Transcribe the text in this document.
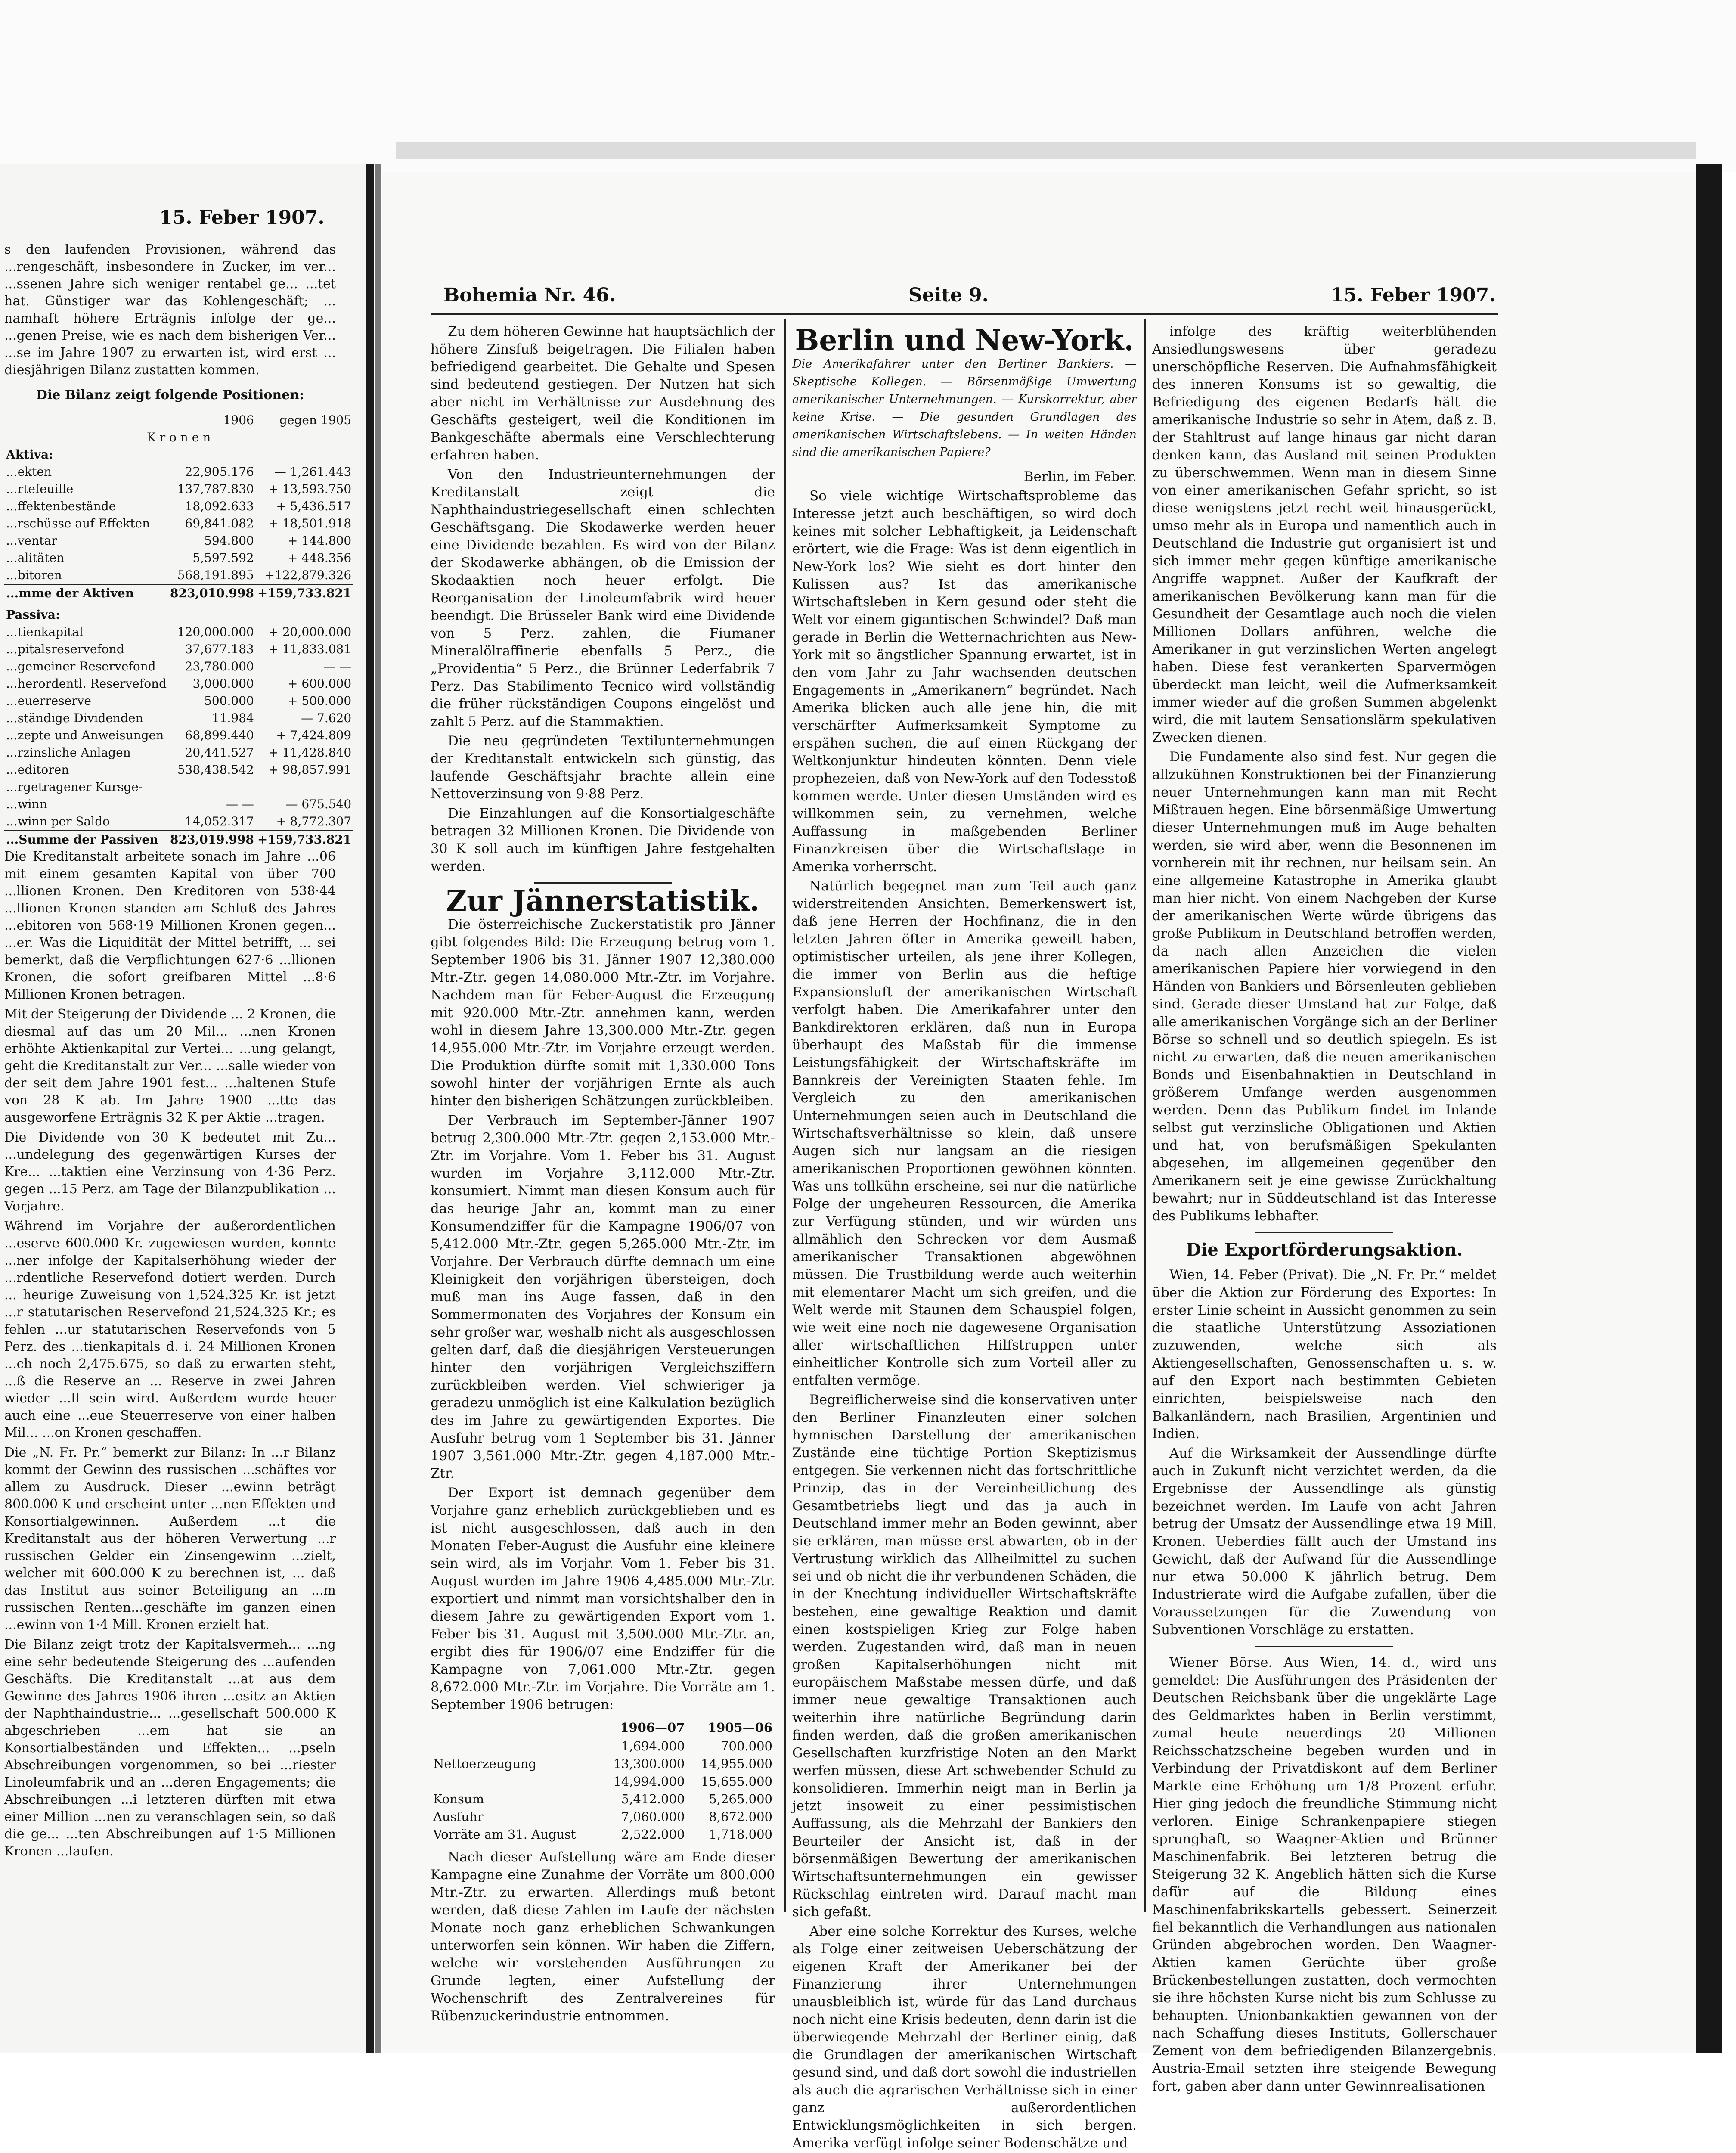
15. Feber 1907.

s den laufenden Provisionen, während das ...rengeschäft, insbesondere in Zucker, im ver... ...ssenen Jahre sich weniger rentabel ge... ...tet hat. Günstiger war das Kohlengeschäft; ... namhaft höhere Erträgnis infolge der ge... ...genen Preise, wie es nach dem bisherigen Ver... ...se im Jahre 1907 zu erwarten ist, wird erst ... diesjährigen Bilanz zustatten kommen.

Die Bilanz zeigt folgende Positionen:

	1906	gegen 1905
K r o n e n		
Aktiva:		
...ekten	22,905.176	— 1,261.443
...rtefeuille	137,787.830	+ 13,593.750
...ffektenbestände	18,092.633	+ 5,436.517
...rschüsse auf Effekten	69,841.082	+ 18,501.918
...ventar	594.800	+ 144.800
...alitäten	5,597.592	+ 448.356
...bitoren	568,191.895	+122,879.326
...mme der Aktiven	823,010.998	+159,733.821
Passiva:		
...tienkapital	120,000.000	+ 20,000.000
...pitalsreservefond	37,677.183	+ 11,833.081
...gemeiner Reservefond	23,780.000	— —
...herordentl. Reservefond	3,000.000	+ 600.000
...euerreserve	500.000	+ 500.000
...ständige Dividenden	11.984	— 7.620
...zepte und Anweisungen	68,899.440	+ 7,424.809
...rzinsliche Anlagen	20,441.527	+ 11,428.840
...editoren	538,438.542	+ 98,857.991
...rgetragener Kursge-		
...winn	— —	— 675.540
...winn per Saldo	14,052.317	+ 8,772.307
...Summe der Passiven	823,019.998	+159,733.821

Die Kreditanstalt arbeitete sonach im Jahre ...06 mit einem gesamten Kapital von über 700 ...llionen Kronen. Den Kreditoren von 538·44 ...llionen Kronen standen am Schluß des Jahres ...ebitoren von 568·19 Millionen Kronen gegen... ...er. Was die Liquidität der Mittel betrifft, ... sei bemerkt, daß die Verpflichtungen 627·6 ...llionen Kronen, die sofort greifbaren Mittel ...8·6 Millionen Kronen betragen.

Mit der Steigerung der Dividende ... 2 Kronen, die diesmal auf das um 20 Mil... ...nen Kronen erhöhte Aktienkapital zur Vertei... ...ung gelangt, geht die Kreditanstalt zur Ver... ...salle wieder von der seit dem Jahre 1901 fest... ...haltenen Stufe von 28 K ab. Im Jahre 1900 ...tte das ausgeworfene Erträgnis 32 K per Aktie ...tragen.

Die Dividende von 30 K bedeutet mit Zu... ...undelegung des gegenwärtigen Kurses der Kre... ...taktien eine Verzinsung von 4·36 Perz. gegen ...15 Perz. am Tage der Bilanzpublikation ... Vorjahre.

Während im Vorjahre der außerordentlichen ...eserve 600.000 Kr. zugewiesen wurden, konnte ...ner infolge der Kapitalserhöhung wieder der ...rdentliche Reservefond dotiert werden. Durch ... heurige Zuweisung von 1,524.325 Kr. ist jetzt ...r statutarischen Reservefond 21,524.325 Kr.; es fehlen ...ur statutarischen Reservefonds von 5 Perz. des ...tienkapitals d. i. 24 Millionen Kronen ...ch noch 2,475.675, so daß zu erwarten steht, ...ß die Reserve an ... Reserve in zwei Jahren wieder ...ll sein wird. Außerdem wurde heuer auch eine ...eue Steuerreserve von einer halben Mil... ...on Kronen geschaffen.

Die „N. Fr. Pr.“ bemerkt zur Bilanz: In ...r Bilanz kommt der Gewinn des russischen ...schäftes vor allem zu Ausdruck. Dieser ...ewinn beträgt 800.000 K und erscheint unter ...nen Effekten und Konsortialgewinnen. Außerdem ...t die Kreditanstalt aus der höheren Verwertung ...r russischen Gelder ein Zinsengewinn ...zielt, welcher mit 600.000 K zu berechnen ist, ... daß das Institut aus seiner Beteiligung an ...m russischen Renten...geschäfte im ganzen einen ...ewinn von 1·4 Mill. Kronen erzielt hat.

Die Bilanz zeigt trotz der Kapitalsvermeh... ...ng eine sehr bedeutende Steigerung des ...aufenden Geschäfts. Die Kreditanstalt ...at aus dem Gewinne des Jahres 1906 ihren ...esitz an Aktien der Naphthaindustrie... ...gesellschaft 500.000 K abgeschrieben ...em hat sie an Konsortialbeständen und Effekten... ...pseln Abschreibungen vorgenommen, so bei ...riester Linoleumfabrik und an ...deren Engagements; die Abschreibungen ...i letzteren dürften mit etwa einer Million ...nen zu veranschlagen sein, so daß die ge... ...ten Abschreibungen auf 1·5 Millionen Kronen ...laufen.

Bohemia Nr. 46.	Seite 9.	15. Feber 1907.

Zu dem höheren Gewinne hat hauptsächlich der höhere Zinsfuß beigetragen. Die Filialen haben befriedigend gearbeitet. Die Gehalte und Spesen sind bedeutend gestiegen. Der Nutzen hat sich aber nicht im Verhältnisse zur Ausdehnung des Geschäfts gesteigert, weil die Konditionen im Bankgeschäfte abermals eine Verschlechterung erfahren haben.

Von den Industrieunternehmungen der Kreditanstalt zeigt die Naphthaindustriegesellschaft einen schlechten Geschäftsgang. Die Skodawerke werden heuer eine Dividende bezahlen. Es wird von der Bilanz der Skodawerke abhängen, ob die Emission der Skodaaktien noch heuer erfolgt. Die Reorganisation der Linoleumfabrik wird heuer beendigt. Die Brüsseler Bank wird eine Dividende von 5 Perz. zahlen, die Fiumaner Mineralölraffinerie ebenfalls 5 Perz., die „Providentia“ 5 Perz., die Brünner Lederfabrik 7 Perz. Das Stabilimento Tecnico wird vollständig die früher rückständigen Coupons eingelöst und zahlt 5 Perz. auf die Stammaktien.

Die neu gegründeten Textilunternehmungen der Kreditanstalt entwickeln sich günstig, das laufende Geschäftsjahr brachte allein eine Nettoverzinsung von 9·88 Perz.

Die Einzahlungen auf die Konsortialgeschäfte betragen 32 Millionen Kronen. Die Dividende von 30 K soll auch im künftigen Jahre festgehalten werden.

Zur Jännerstatistik.

Die österreichische Zuckerstatistik pro Jänner gibt folgendes Bild: Die Erzeugung betrug vom 1. September 1906 bis 31. Jänner 1907 12,380.000 Mtr.-Ztr. gegen 14,080.000 Mtr.-Ztr. im Vorjahre. Nachdem man für Feber-August die Erzeugung mit 920.000 Mtr.-Ztr. annehmen kann, werden wohl in diesem Jahre 13,300.000 Mtr.-Ztr. gegen 14,955.000 Mtr.-Ztr. im Vorjahre erzeugt werden. Die Produktion dürfte somit mit 1,330.000 Tons sowohl hinter der vorjährigen Ernte als auch hinter den bisherigen Schätzungen zurückbleiben.

Der Verbrauch im September-Jänner 1907 betrug 2,300.000 Mtr.-Ztr. gegen 2,153.000 Mtr.-Ztr. im Vorjahre. Vom 1. Feber bis 31. August wurden im Vorjahre 3,112.000 Mtr.-Ztr. konsumiert. Nimmt man diesen Konsum auch für das heurige Jahr an, kommt man zu einer Konsumendziffer für die Kampagne 1906/07 von 5,412.000 Mtr.-Ztr. gegen 5,265.000 Mtr.-Ztr. im Vorjahre. Der Verbrauch dürfte demnach um eine Kleinigkeit den vorjährigen übersteigen, doch muß man ins Auge fassen, daß in den Sommermonaten des Vorjahres der Konsum ein sehr großer war, weshalb nicht als ausgeschlossen gelten darf, daß die diesjährigen Versteuerungen hinter den vorjährigen Vergleichsziffern zurückbleiben werden. Viel schwieriger ja geradezu unmöglich ist eine Kalkulation bezüglich des im Jahre zu gewärtigenden Exportes. Die Ausfuhr betrug vom 1 September bis 31. Jänner 1907 3,561.000 Mtr.-Ztr. gegen 4,187.000 Mtr.-Ztr.

Der Export ist demnach gegenüber dem Vorjahre ganz erheblich zurückgeblieben und es ist nicht ausgeschlossen, daß auch in den Monaten Feber-August die Ausfuhr eine kleinere sein wird, als im Vorjahr. Vom 1. Feber bis 31. August wurden im Jahre 1906 4,485.000 Mtr.-Ztr. exportiert und nimmt man vorsichtshalber den in diesem Jahre zu gewärtigenden Export vom 1. Feber bis 31. August mit 3,500.000 Mtr.-Ztr. an, ergibt dies für 1906/07 eine Endziffer für die Kampagne von 7,061.000 Mtr.-Ztr. gegen 8,672.000 Mtr.-Ztr. im Vorjahre. Die Vorräte am 1. September 1906 betrugen:

	1906—07	1905—06
	1,694.000	700.000
Nettoerzeugung	13,300.000	14,955.000
	14,994.000	15,655.000
Konsum	5,412.000	5,265.000
Ausfuhr	7,060.000	8,672.000
Vorräte am 31. August	2,522.000	1,718.000

Nach dieser Aufstellung wäre am Ende dieser Kampagne eine Zunahme der Vorräte um 800.000 Mtr.-Ztr. zu erwarten. Allerdings muß betont werden, daß diese Zahlen im Laufe der nächsten Monate noch ganz erheblichen Schwankungen unterworfen sein können. Wir haben die Ziffern, welche wir vorstehenden Ausführungen zu Grunde legten, einer Aufstellung der Wochenschrift des Zentralvereines für Rübenzuckerindustrie entnommen.

Berlin und New-York.

Die Amerikafahrer unter den Berliner Bankiers. — Skeptische Kollegen. — Börsenmäßige Umwertung amerikanischer Unternehmungen. — Kurskorrektur, aber keine Krise. — Die gesunden Grundlagen des amerikanischen Wirtschaftslebens. — In weiten Händen sind die amerikanischen Papiere?

Berlin, im Feber.

So viele wichtige Wirtschaftsprobleme das Interesse jetzt auch beschäftigen, so wird doch keines mit solcher Lebhaftigkeit, ja Leidenschaft erörtert, wie die Frage: Was ist denn eigentlich in New-York los? Wie sieht es dort hinter den Kulissen aus? Ist das amerikanische Wirtschaftsleben in Kern gesund oder steht die Welt vor einem gigantischen Schwindel? Daß man gerade in Berlin die Wetternachrichten aus New-York mit so ängstlicher Spannung erwartet, ist in den vom Jahr zu Jahr wachsenden deutschen Engagements in „Amerikanern“ begründet. Nach Amerika blicken auch alle jene hin, die mit verschärfter Aufmerksamkeit Symptome zu erspähen suchen, die auf einen Rückgang der Weltkonjunktur hindeuten könnten. Denn viele prophezeien, daß von New-York auf den Todesstoß kommen werde. Unter diesen Umständen wird es willkommen sein, zu vernehmen, welche Auffassung in maßgebenden Berliner Finanzkreisen über die Wirtschaftslage in Amerika vorherrscht.

Natürlich begegnet man zum Teil auch ganz widerstreitenden Ansichten. Bemerkenswert ist, daß jene Herren der Hochfinanz, die in den letzten Jahren öfter in Amerika geweilt haben, optimistischer urteilen, als jene ihrer Kollegen, die immer von Berlin aus die heftige Expansionsluft der amerikanischen Wirtschaft verfolgt haben. Die Amerikafahrer unter den Bankdirektoren erklären, daß nun in Europa überhaupt des Maßstab für die immense Leistungsfähigkeit der Wirtschaftskräfte im Bannkreis der Vereinigten Staaten fehle. Im Vergleich zu den amerikanischen Unternehmungen seien auch in Deutschland die Wirtschaftsverhältnisse so klein, daß unsere Augen sich nur langsam an die riesigen amerikanischen Proportionen gewöhnen könnten. Was uns tollkühn erscheine, sei nur die natürliche Folge der ungeheuren Ressourcen, die Amerika zur Verfügung stünden, und wir würden uns allmählich den Schrecken vor dem Ausmaß amerikanischer Transaktionen abgewöhnen müssen. Die Trustbildung werde auch weiterhin mit elementarer Macht um sich greifen, und die Welt werde mit Staunen dem Schauspiel folgen, wie weit eine noch nie dagewesene Organisation aller wirtschaftlichen Hilfstruppen unter einheitlicher Kontrolle sich zum Vorteil aller zu entfalten vermöge.

Begreiflicherweise sind die konservativen unter den Berliner Finanzleuten einer solchen hymnischen Darstellung der amerikanischen Zustände eine tüchtige Portion Skeptizismus entgegen. Sie verkennen nicht das fortschrittliche Prinzip, das in der Vereinheitlichung des Gesamtbetriebs liegt und das ja auch in Deutschland immer mehr an Boden gewinnt, aber sie erklären, man müsse erst abwarten, ob in der Vertrustung wirklich das Allheilmittel zu suchen sei und ob nicht die ihr verbundenen Schäden, die in der Knechtung individueller Wirtschaftskräfte bestehen, eine gewaltige Reaktion und damit einen kostspieligen Krieg zur Folge haben werden. Zugestanden wird, daß man in neuen großen Kapitalserhöhungen nicht mit europäischem Maßstabe messen dürfe, und daß immer neue gewaltige Transaktionen auch weiterhin ihre natürliche Begründung darin finden werden, daß die großen amerikanischen Gesellschaften kurzfristige Noten an den Markt werfen müssen, diese Art schwebender Schuld zu konsolidieren. Immerhin neigt man in Berlin ja jetzt insoweit zu einer pessimistischen Auffassung, als die Mehrzahl der Bankiers den Beurteiler der Ansicht ist, daß in der börsenmäßigen Bewertung der amerikanischen Wirtschaftsunternehmungen ein gewisser Rückschlag eintreten wird. Darauf macht man sich gefaßt.

Aber eine solche Korrektur des Kurses, welche als Folge einer zeitweisen Ueberschätzung der eigenen Kraft der Amerikaner bei der Finanzierung ihrer Unternehmungen unausbleiblich ist, würde für das Land durchaus noch nicht eine Krisis bedeuten, denn darin ist die überwiegende Mehrzahl der Berliner einig, daß die Grundlagen der amerikanischen Wirtschaft gesund sind, und daß dort sowohl die industriellen als auch die agrarischen Verhältnisse sich in einer ganz außerordentlichen Entwicklungsmöglichkeiten in sich bergen. Amerika verfügt infolge seiner Bodenschätze und

infolge des kräftig weiterblühenden Ansiedlungswesens über geradezu unerschöpfliche Reserven. Die Aufnahmsfähigkeit des inneren Konsums ist so gewaltig, die Befriedigung des eigenen Bedarfs hält die amerikanische Industrie so sehr in Atem, daß z. B. der Stahltrust auf lange hinaus gar nicht daran denken kann, das Ausland mit seinen Produkten zu überschwemmen. Wenn man in diesem Sinne von einer amerikanischen Gefahr spricht, so ist diese wenigstens jetzt recht weit hinausgerückt, umso mehr als in Europa und namentlich auch in Deutschland die Industrie gut organisiert ist und sich immer mehr gegen künftige amerikanische Angriffe wappnet. Außer der Kaufkraft der amerikanischen Bevölkerung kann man für die Gesundheit der Gesamtlage auch noch die vielen Millionen Dollars anführen, welche die Amerikaner in gut verzinslichen Werten angelegt haben. Diese fest verankerten Sparvermögen überdeckt man leicht, weil die Aufmerksamkeit immer wieder auf die großen Summen abgelenkt wird, die mit lautem Sensationslärm spekulativen Zwecken dienen.

Die Fundamente also sind fest. Nur gegen die allzukühnen Konstruktionen bei der Finanzierung neuer Unternehmungen kann man mit Recht Mißtrauen hegen. Eine börsenmäßige Umwertung dieser Unternehmungen muß im Auge behalten werden, sie wird aber, wenn die Besonnenen im vornherein mit ihr rechnen, nur heilsam sein. An eine allgemeine Katastrophe in Amerika glaubt man hier nicht. Von einem Nachgeben der Kurse der amerikanischen Werte würde übrigens das große Publikum in Deutschland betroffen werden, da nach allen Anzeichen die vielen amerikanischen Papiere hier vorwiegend in den Händen von Bankiers und Börsenleuten geblieben sind. Gerade dieser Umstand hat zur Folge, daß alle amerikanischen Vorgänge sich an der Berliner Börse so schnell und so deutlich spiegeln. Es ist nicht zu erwarten, daß die neuen amerikanischen Bonds und Eisenbahnaktien in Deutschland in größerem Umfange werden ausgenommen werden. Denn das Publikum findet im Inlande selbst gut verzinsliche Obligationen und Aktien und hat, von berufsmäßigen Spekulanten abgesehen, im allgemeinen gegenüber den Amerikanern seit je eine gewisse Zurückhaltung bewahrt; nur in Süddeutschland ist das Interesse des Publikums lebhafter.

Die Exportförderungsaktion.

Wien, 14. Feber (Privat). Die „N. Fr. Pr.“ meldet über die Aktion zur Förderung des Exportes: In erster Linie scheint in Aussicht genommen zu sein die staatliche Unterstützung Assoziationen zuzuwenden, welche sich als Aktiengesellschaften, Genossenschaften u. s. w. auf den Export nach bestimmten Gebieten einrichten, beispielsweise nach den Balkanländern, nach Brasilien, Argentinien und Indien.

Auf die Wirksamkeit der Aussendlinge dürfte auch in Zukunft nicht verzichtet werden, da die Ergebnisse der Aussendlinge als günstig bezeichnet werden. Im Laufe von acht Jahren betrug der Umsatz der Aussendlinge etwa 19 Mill. Kronen. Ueberdies fällt auch der Umstand ins Gewicht, daß der Aufwand für die Aussendlinge nur etwa 50.000 K jährlich betrug. Dem Industrierate wird die Aufgabe zufallen, über die Voraussetzungen für die Zuwendung von Subventionen Vorschläge zu erstatten.

Wiener Börse. Aus Wien, 14. d., wird uns gemeldet: Die Ausführungen des Präsidenten der Deutschen Reichsbank über die ungeklärte Lage des Geldmarktes haben in Berlin verstimmt, zumal heute neuerdings 20 Millionen Reichsschatzscheine begeben wurden und in Verbindung der Privatdiskont auf dem Berliner Markte eine Erhöhung um 1/8 Prozent erfuhr. Hier ging jedoch die freundliche Stimmung nicht verloren. Einige Schrankenpapiere stiegen sprunghaft, so Waagner-Aktien und Brünner Maschinenfabrik. Bei letzteren betrug die Steigerung 32 K. Angeblich hätten sich die Kurse dafür auf die Bildung eines Maschinenfabrikskartells gebessert. Seinerzeit fiel bekanntlich die Verhandlungen aus nationalen Gründen abgebrochen worden. Den Waagner-Aktien kamen Gerüchte über große Brückenbestellungen zustatten, doch vermochten sie ihre höchsten Kurse nicht bis zum Schlusse zu behaupten. Unionbankaktien gewannen von der nach Schaffung dieses Instituts, Gollerschauer Zement von dem befriedigenden Bilanzergebnis. Austria-Email setzten ihre steigende Bewegung fort, gaben aber dann unter Gewinnrealisationen
